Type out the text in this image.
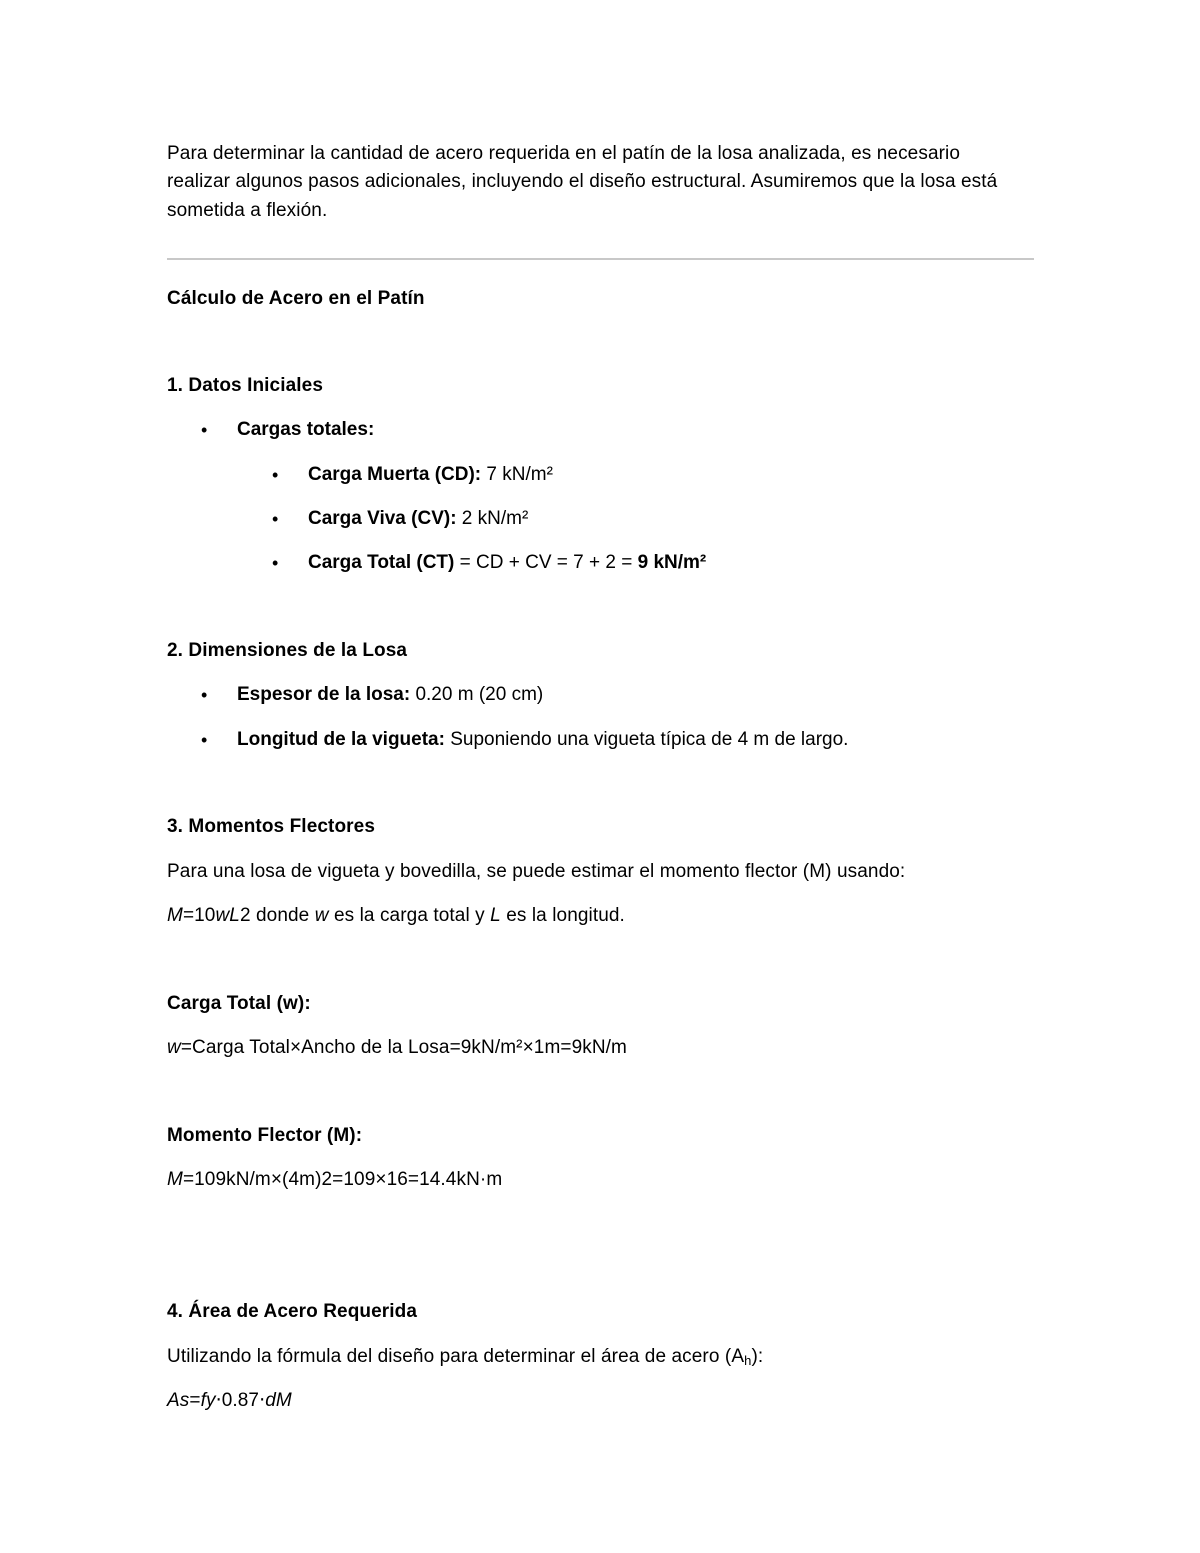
Para determinar la cantidad de acero requerida en el patín de la losa analizada, es necesario
realizar algunos pasos adicionales, incluyendo el diseño estructural. Asumiremos que la losa está
sometida a flexión.
Cálculo de Acero en el Patín
1. Datos Iniciales
• Cargas totales:
• Carga Muerta (CD): 7 kN/m²
• Carga Viva (CV): 2 kN/m²
• Carga Total (CT) = CD + CV = 7 + 2 = 9 kN/m²
2. Dimensiones de la Losa
• Espesor de la losa: 0.20 m (20 cm)
• Longitud de la vigueta: Suponiendo una vigueta típica de 4 m de largo.
3. Momentos Flectores
Para una losa de vigueta y bovedilla, se puede estimar el momento flector (M) usando:
M=10wL2 donde w es la carga total y L es la longitud.
Carga Total (w):
w=Carga Total×Ancho de la Losa=9kN/m²×1m=9kN/m
Momento Flector (M):
M=109kN/m×(4m)2=109×16=14.4kN·m
4. Área de Acero Requerida
Utilizando la fórmula del diseño para determinar el área de acero $(A_h)$:
As=fy⋅0.87⋅dM
